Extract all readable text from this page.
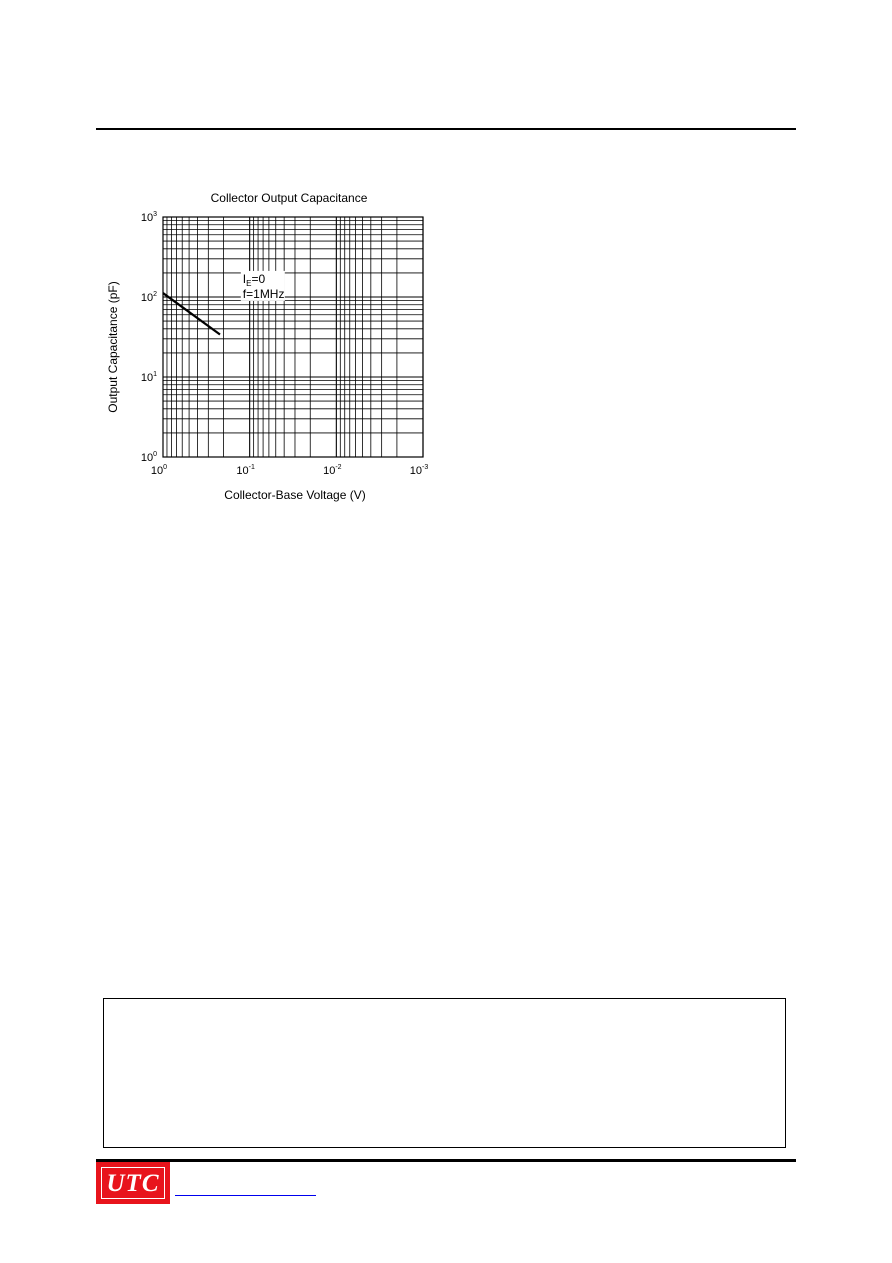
Collector Output Capacitance
$I_E=0$
f=1MHz
$10^0$	$10^{-1}$	$10^{-2}$	$10^{-3}$
$10^0$
$10^1$
$10^2$
$10^3$
Collector-Base Voltage (V)
Output Capacitance (pF)
UTC
